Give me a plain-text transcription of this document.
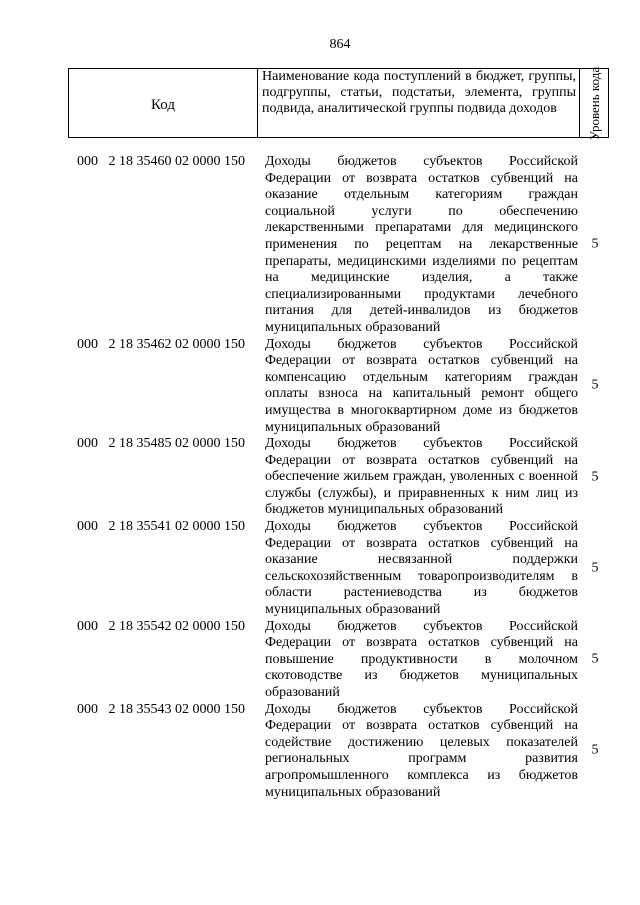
864
Код
Наименование кода поступлений в бюджет, группы, подгруппы, статьи, подстатьи, элемента, группы подвида, аналитической группы подвида доходов	Уровень кода
000   2 18 35460 02 0000 150 Доходы бюджетов субъектов Российской Федерации от возврата остатков субвенций на оказание отдельным категориям граждан социальной услуги по обеспечению лекарственными препаратами для медицинского применения по рецептам на лекарственные препараты, медицинскими изделиями по рецептам на медицинские изделия, а также специализированными продуктами лечебного питания для детей-инвалидов из бюджетов муниципальных образований
5
000   2 18 35462 02 0000 150 Доходы бюджетов субъектов Российской Федерации от возврата остатков субвенций на компенсацию отдельным категориям граждан оплаты взноса на капитальный ремонт общего имущества в многоквартирном доме из бюджетов муниципальных образований
5
000   2 18 35485 02 0000 150 Доходы бюджетов субъектов Российской Федерации от возврата остатков субвенций на обеспечение жильем граждан, уволенных с военной службы (службы), и приравненных к ним лиц из бюджетов муниципальных образований
5
000   2 18 35541 02 0000 150 Доходы бюджетов субъектов Российской Федерации от возврата остатков субвенций на оказание несвязанной поддержки сельскохозяйственным товаропроизводителям в области растениеводства из бюджетов муниципальных образований
5
000   2 18 35542 02 0000 150 Доходы бюджетов субъектов Российской Федерации от возврата остатков субвенций на повышение продуктивности в молочном скотоводстве из бюджетов муниципальных образований
5
000   2 18 35543 02 0000 150 Доходы бюджетов субъектов Российской Федерации от возврата остатков субвенций на содействие достижению целевых показателей региональных программ развития агропромышленного комплекса из бюджетов муниципальных образований
5
